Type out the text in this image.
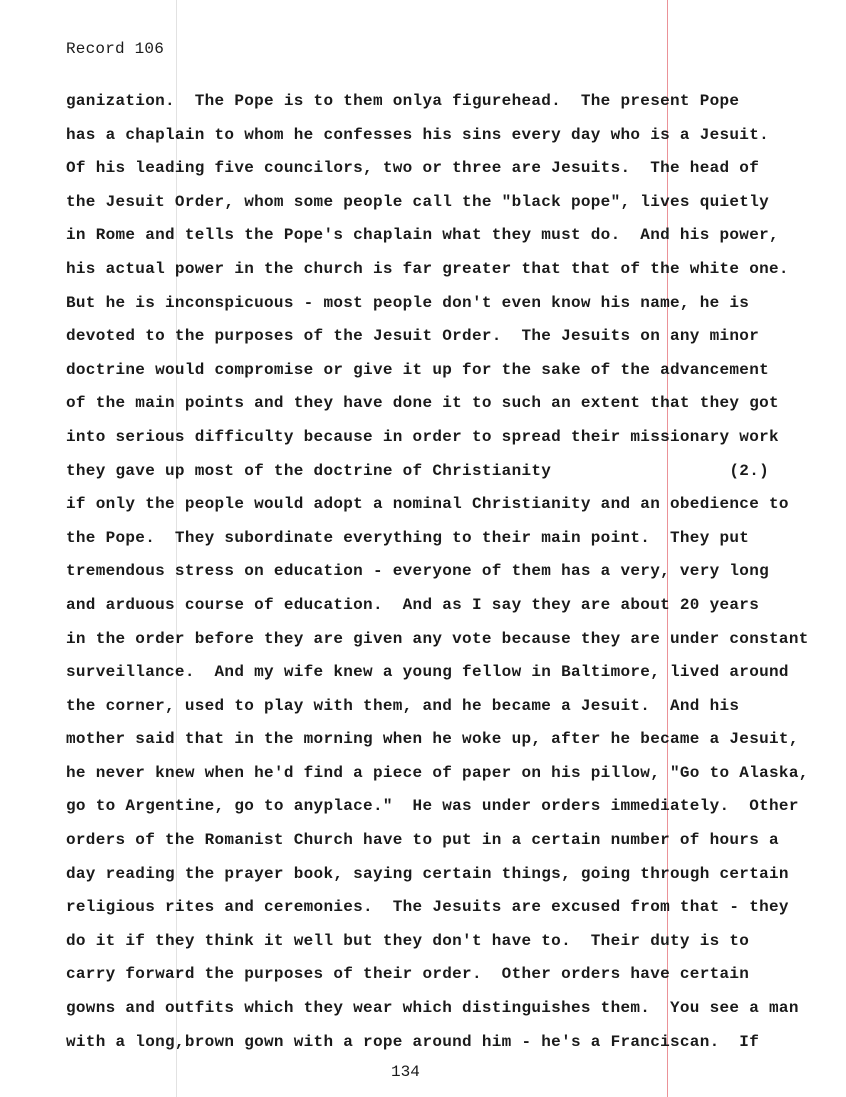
Record 106
ganization.  The Pope is to them onlya figurehead.  The present Pope
has a chaplain to whom he confesses his sins every day who is a Jesuit.
Of his leading five councilors, two or three are Jesuits.  The head of
the Jesuit Order, whom some people call the "black pope", lives quietly
in Rome and tells the Pope's chaplain what they must do.  And his power,
his actual power in the church is far greater that that of the white one.
But he is inconspicuous - most people don't even know his name, he is
devoted to the purposes of the Jesuit Order.  The Jesuits on any minor
doctrine would compromise or give it up for the sake of the advancement
of the main points and they have done it to such an extent that they got
into serious difficulty because in order to spread their missionary work
they gave up most of the doctrine of Christianity                  (2.)
if only the people would adopt a nominal Christianity and an obedience to
the Pope.  They subordinate everything to their main point.  They put
tremendous stress on education - everyone of them has a very, very long
and arduous course of education.  And as I say they are about 20 years
in the order before they are given any vote because they are under constant
surveillance.  And my wife knew a young fellow in Baltimore, lived around
the corner, used to play with them, and he became a Jesuit.  And his
mother said that in the morning when he woke up, after he became a Jesuit,
he never knew when he'd find a piece of paper on his pillow, "Go to Alaska,
go to Argentine, go to anyplace."  He was under orders immediately.  Other
orders of the Romanist Church have to put in a certain number of hours a
day reading the prayer book, saying certain things, going through certain
religious rites and ceremonies.  The Jesuits are excused from that - they
do it if they think it well but they don't have to.  Their duty is to
carry forward the purposes of their order.  Other orders have certain
gowns and outfits which they wear which distinguishes them.  You see a man
with a long,brown gown with a rope around him - he's a Franciscan.  If
134
